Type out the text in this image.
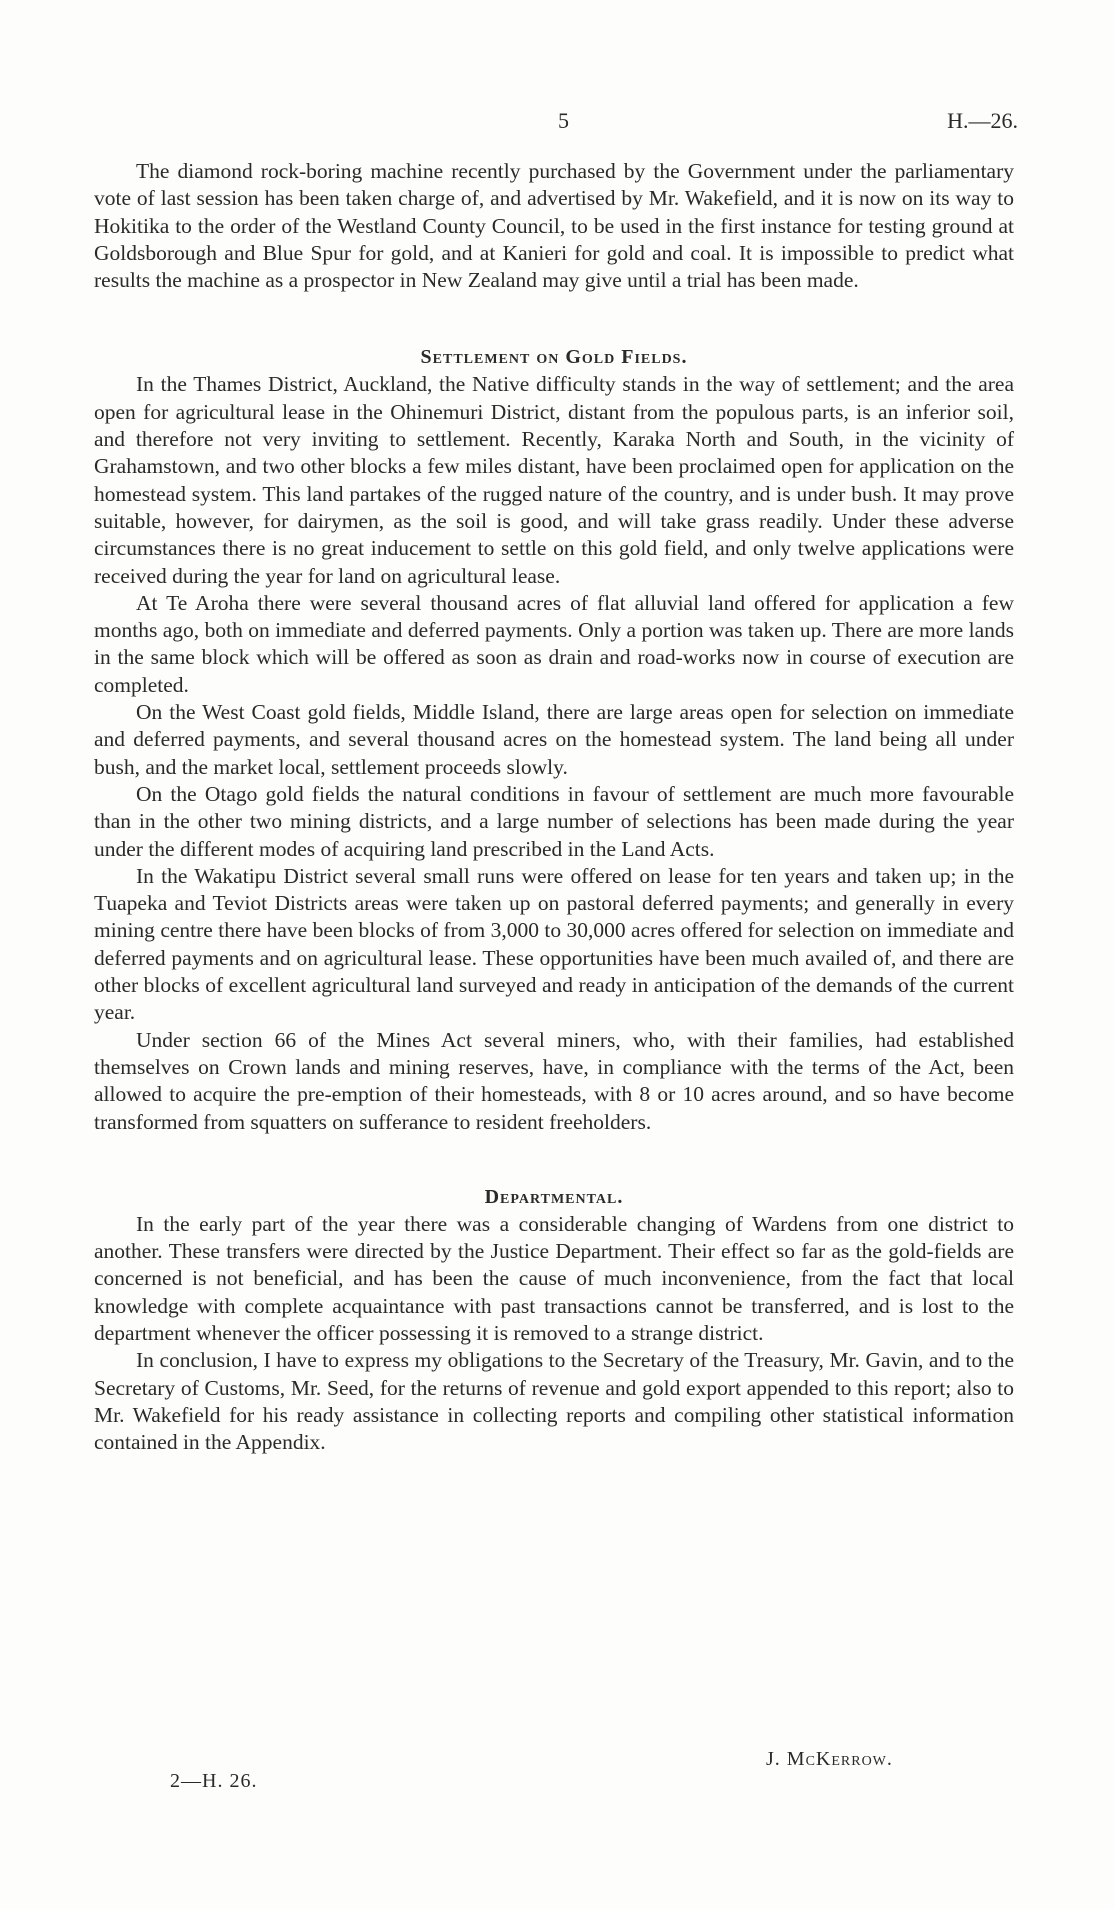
5	H.—26.

The diamond rock-boring machine recently purchased by the Government under the parliamentary vote of last session has been taken charge of, and advertised by Mr. Wakefield, and it is now on its way to Hokitika to the order of the Westland County Council, to be used in the first instance for testing ground at Goldsborough and Blue Spur for gold, and at Kanieri for gold and coal. It is impossible to predict what results the machine as a prospector in New Zealand may give until a trial has been made.

Settlement on Gold Fields.

In the Thames District, Auckland, the Native difficulty stands in the way of settlement; and the area open for agricultural lease in the Ohinemuri District, distant from the populous parts, is an inferior soil, and therefore not very inviting to settlement. Recently, Karaka North and South, in the vicinity of Grahamstown, and two other blocks a few miles distant, have been proclaimed open for application on the homestead system. This land partakes of the rugged nature of the country, and is under bush. It may prove suitable, however, for dairymen, as the soil is good, and will take grass readily. Under these adverse circumstances there is no great inducement to settle on this gold field, and only twelve applications were received during the year for land on agricultural lease.

At Te Aroha there were several thousand acres of flat alluvial land offered for application a few months ago, both on immediate and deferred payments. Only a portion was taken up. There are more lands in the same block which will be offered as soon as drain and road-works now in course of execution are completed.

On the West Coast gold fields, Middle Island, there are large areas open for selection on immediate and deferred payments, and several thousand acres on the homestead system. The land being all under bush, and the market local, settlement proceeds slowly.

On the Otago gold fields the natural conditions in favour of settlement are much more favourable than in the other two mining districts, and a large number of selections has been made during the year under the different modes of acquiring land prescribed in the Land Acts.

In the Wakatipu District several small runs were offered on lease for ten years and taken up; in the Tuapeka and Teviot Districts areas were taken up on pastoral deferred payments; and generally in every mining centre there have been blocks of from 3,000 to 30,000 acres offered for selection on immediate and deferred payments and on agricultural lease. These opportunities have been much availed of, and there are other blocks of excellent agricultural land surveyed and ready in anticipation of the demands of the current year.

Under section 66 of the Mines Act several miners, who, with their families, had established themselves on Crown lands and mining reserves, have, in compliance with the terms of the Act, been allowed to acquire the pre-emption of their homesteads, with 8 or 10 acres around, and so have become transformed from squatters on sufferance to resident freeholders.

Departmental.

In the early part of the year there was a considerable changing of Wardens from one district to another. These transfers were directed by the Justice Department. Their effect so far as the gold-fields are concerned is not beneficial, and has been the cause of much inconvenience, from the fact that local knowledge with complete acquaintance with past transactions cannot be transferred, and is lost to the department whenever the officer possessing it is removed to a strange district.

In conclusion, I have to express my obligations to the Secretary of the Treasury, Mr. Gavin, and to the Secretary of Customs, Mr. Seed, for the returns of revenue and gold export appended to this report; also to Mr. Wakefield for his ready assistance in collecting reports and compiling other statistical information contained in the Appendix.

J. McKerrow.
2—H. 26.
